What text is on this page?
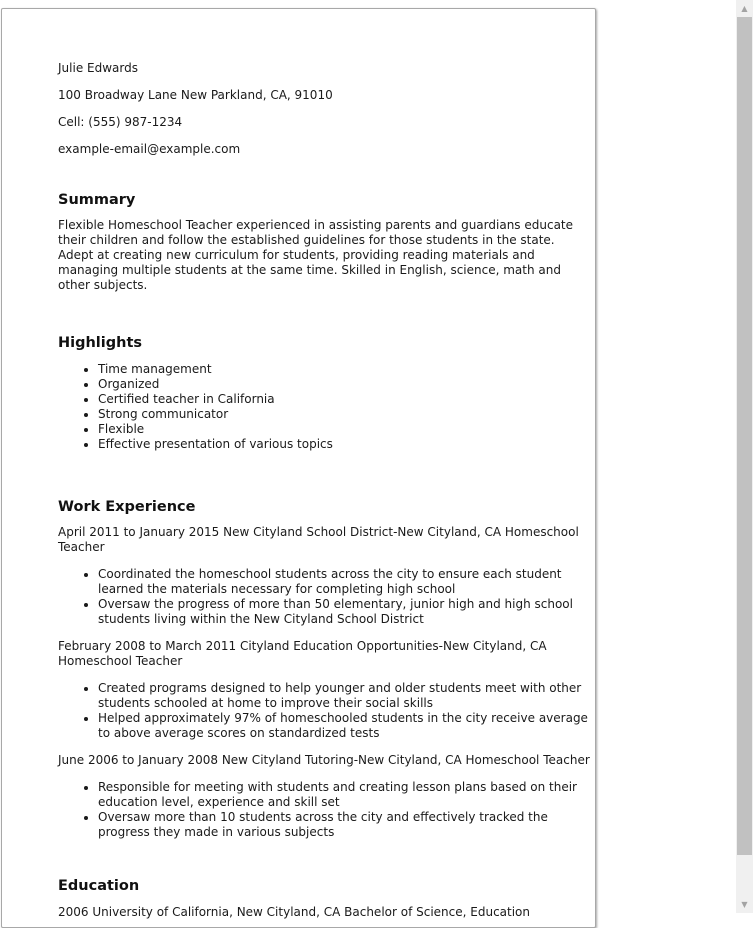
Julie Edwards
100 Broadway Lane New Parkland, CA, 91010
Cell: (555) 987-1234
example-email@example.com
Summary

Flexible Homeschool Teacher experienced in assisting parents and guardians educate their children and follow the established guidelines for those students in the state. Adept at creating new curriculum for students, providing reading materials and managing multiple students at the same time. Skilled in English, science, math and other subjects.

Highlights
• Time management
• Organized
• Certified teacher in California
• Strong communicator
• Flexible
• Effective presentation of various topics
Work Experience
April 2011 to January 2015 New Cityland School District-New Cityland, CA Homeschool Teacher
• Coordinated the homeschool students across the city to ensure each student learned the materials necessary for completing high school
• Oversaw the progress of more than 50 elementary, junior high and high school students living within the New Cityland School District
February 2008 to March 2011 Cityland Education Opportunities-New Cityland, CA Homeschool Teacher
• Created programs designed to help younger and older students meet with other students schooled at home to improve their social skills
• Helped approximately 97% of homeschooled students in the city receive average to above average scores on standardized tests
June 2006 to January 2008 New Cityland Tutoring-New Cityland, CA Homeschool Teacher
• Responsible for meeting with students and creating lesson plans based on their education level, experience and skill set
• Oversaw more than 10 students across the city and effectively tracked the progress they made in various subjects
Education
2006 University of California, New Cityland, CA Bachelor of Science, Education
▲
▼
